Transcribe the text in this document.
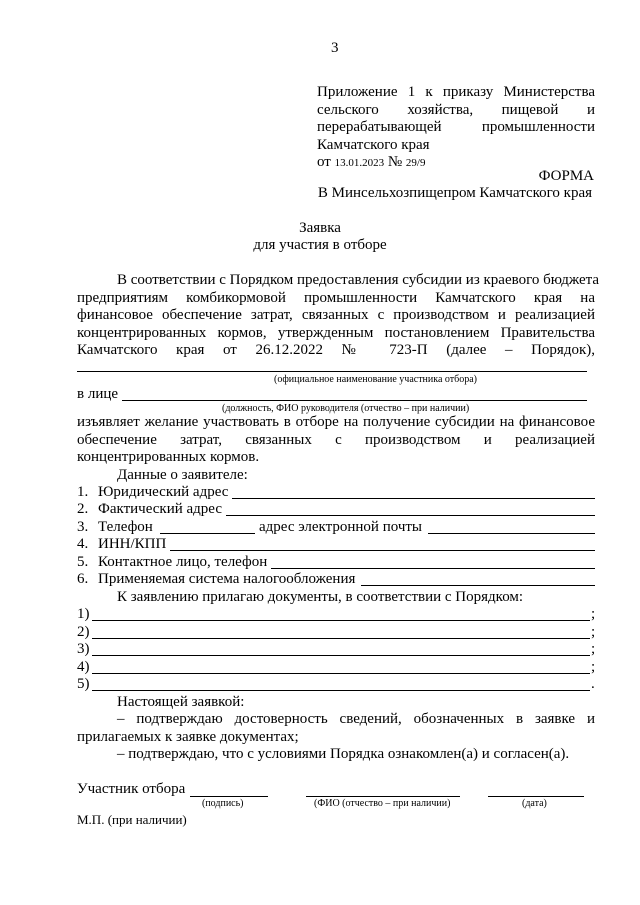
3
Приложение 1 к приказу Министерства
сельского хозяйства, пищевой и
перерабатывающей промышленности
Камчатского края
от 13.01.2023 № 29/9
ФОРМА
В Минсельхозпищепром Камчатского края
Заявка
для участия в отборе
В соответствии с Порядком предоставления субсидии из краевого бюджета
предприятиям комбикормовой промышленности Камчатского края на
финансовое обеспечение затрат, связанных с производством и реализацией
концентрированных кормов, утвержденным постановлением Правительства
Камчатского края от 26.12.2022 № 723-П (далее – Порядок),
(официальное наименование участника отбора)
в лице
(должность, ФИО руководителя (отчество – при наличии)
изъявляет желание участвовать в отборе на получение субсидии на финансовое
обеспечение затрат, связанных с производством и реализацией
концентрированных кормов.
Данные о заявителе:
1. Юридический адрес
2. Фактический адрес
3. Телефон	адрес электронной почты
4. ИНН/КПП
5. Контактное лицо, телефон
6. Применяемая система налогообложения
К заявлению прилагаю документы, в соответствии с Порядком:
1)	;
2)	;
3)	;
4)	;
5)	.
Настоящей заявкой:
– подтверждаю достоверность сведений, обозначенных в заявке и
прилагаемых к заявке документах;
– подтверждаю, что с условиями Порядка ознакомлен(а) и согласен(а).
Участник отбора
(подпись)	(ФИО (отчество – при наличии)	(дата)
М.П. (при наличии)
